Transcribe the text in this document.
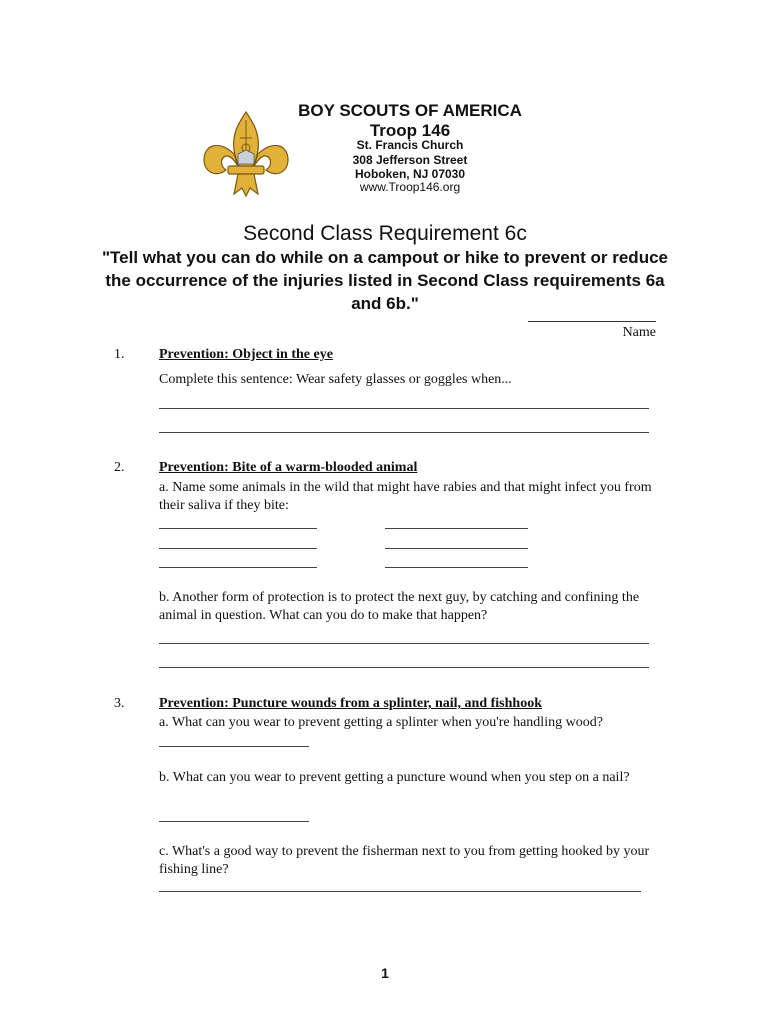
BOY SCOUTS OF AMERICA
Troop 146
St. Francis Church
308 Jefferson Street
Hoboken, NJ 07030
www.Troop146.org
Second Class Requirement 6c
"Tell what you can do while on a campout or hike to prevent or reduce the occurrence of the injuries listed in Second Class requirements 6a and 6b."
Name
1. Prevention: Object in the eye
Complete this sentence: Wear safety glasses or goggles when...
2. Prevention: Bite of a warm-blooded animal
a. Name some animals in the wild that might have rabies and that might infect you from their saliva if they bite:
b. Another form of protection is to protect the next guy, by catching and confining the animal in question. What can you do to make that happen?
3. Prevention: Puncture wounds from a splinter, nail, and fishhook
a. What can you wear to prevent getting a splinter when you're handling wood?
b. What can you wear to prevent getting a puncture wound when you step on a nail?
c. What's a good way to prevent the fisherman next to you from getting hooked by your fishing line?
1
